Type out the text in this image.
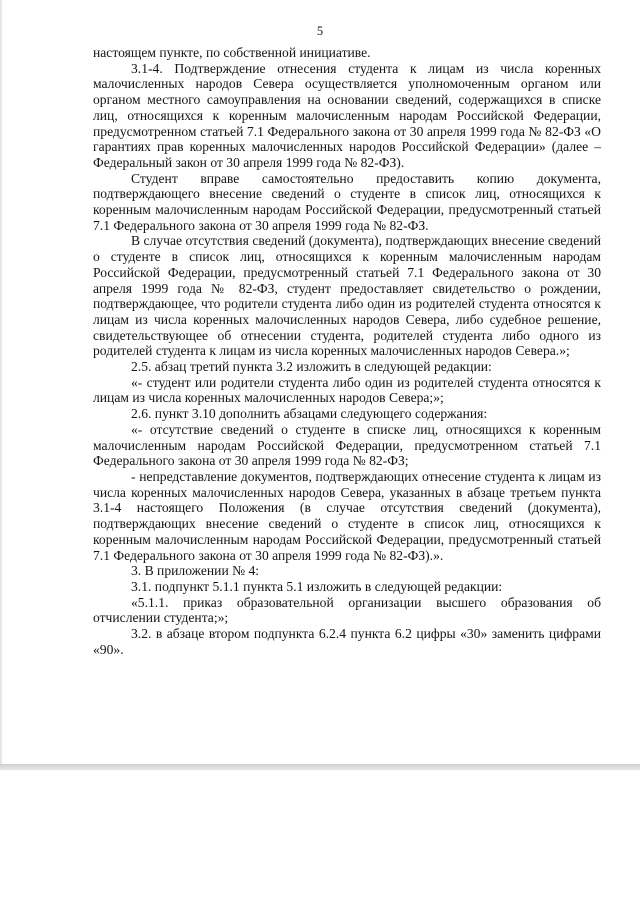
5

настоящем пункте, по собственной инициативе.

3.1-4. Подтверждение отнесения студента к лицам из числа коренных малочисленных народов Севера осуществляется уполномоченным органом или органом местного самоуправления на основании сведений, содержащихся в списке лиц, относящихся к коренным малочисленным народам Российской Федерации, предусмотренном статьей 7.1 Федерального закона от 30 апреля 1999 года № 82-ФЗ «О гарантиях прав коренных малочисленных народов Российской Федерации» (далее – Федеральный закон от 30 апреля 1999 года № 82-ФЗ).

Студент вправе самостоятельно предоставить копию документа, подтверждающего внесение сведений о студенте в список лиц, относящихся к коренным малочисленным народам Российской Федерации, предусмотренный статьей 7.1 Федерального закона от 30 апреля 1999 года № 82-ФЗ.

В случае отсутствия сведений (документа), подтверждающих внесение сведений о студенте в список лиц, относящихся к коренным малочисленным народам Российской Федерации, предусмотренный статьей 7.1 Федерального закона от 30 апреля 1999 года № 82-ФЗ, студент предоставляет свидетельство о рождении, подтверждающее, что родители студента либо один из родителей студента относятся к лицам из числа коренных малочисленных народов Севера, либо судебное решение, свидетельствующее об отнесении студента, родителей студента либо одного из родителей студента к лицам из числа коренных малочисленных народов Севера.»;

2.5. абзац третий пункта 3.2 изложить в следующей редакции:

«- студент или родители студента либо один из родителей студента относятся к лицам из числа коренных малочисленных народов Севера;»;

2.6. пункт 3.10 дополнить абзацами следующего содержания:

«- отсутствие сведений о студенте в списке лиц, относящихся к коренным малочисленным народам Российской Федерации, предусмотренном статьей 7.1 Федерального закона от 30 апреля 1999 года № 82-ФЗ;

- непредставление документов, подтверждающих отнесение студента к лицам из числа коренных малочисленных народов Севера, указанных в абзаце третьем пункта 3.1-4 настоящего Положения (в случае отсутствия сведений (документа), подтверждающих внесение сведений о студенте в список лиц, относящихся к коренным малочисленным народам Российской Федерации, предусмотренный статьей 7.1 Федерального закона от 30 апреля 1999 года № 82-ФЗ).».

3. В приложении № 4:

3.1. подпункт 5.1.1 пункта 5.1 изложить в следующей редакции:

«5.1.1. приказ образовательной организации высшего образования об отчислении студента;»;

3.2. в абзаце втором подпункта 6.2.4 пункта 6.2 цифры «30» заменить цифрами «90».
